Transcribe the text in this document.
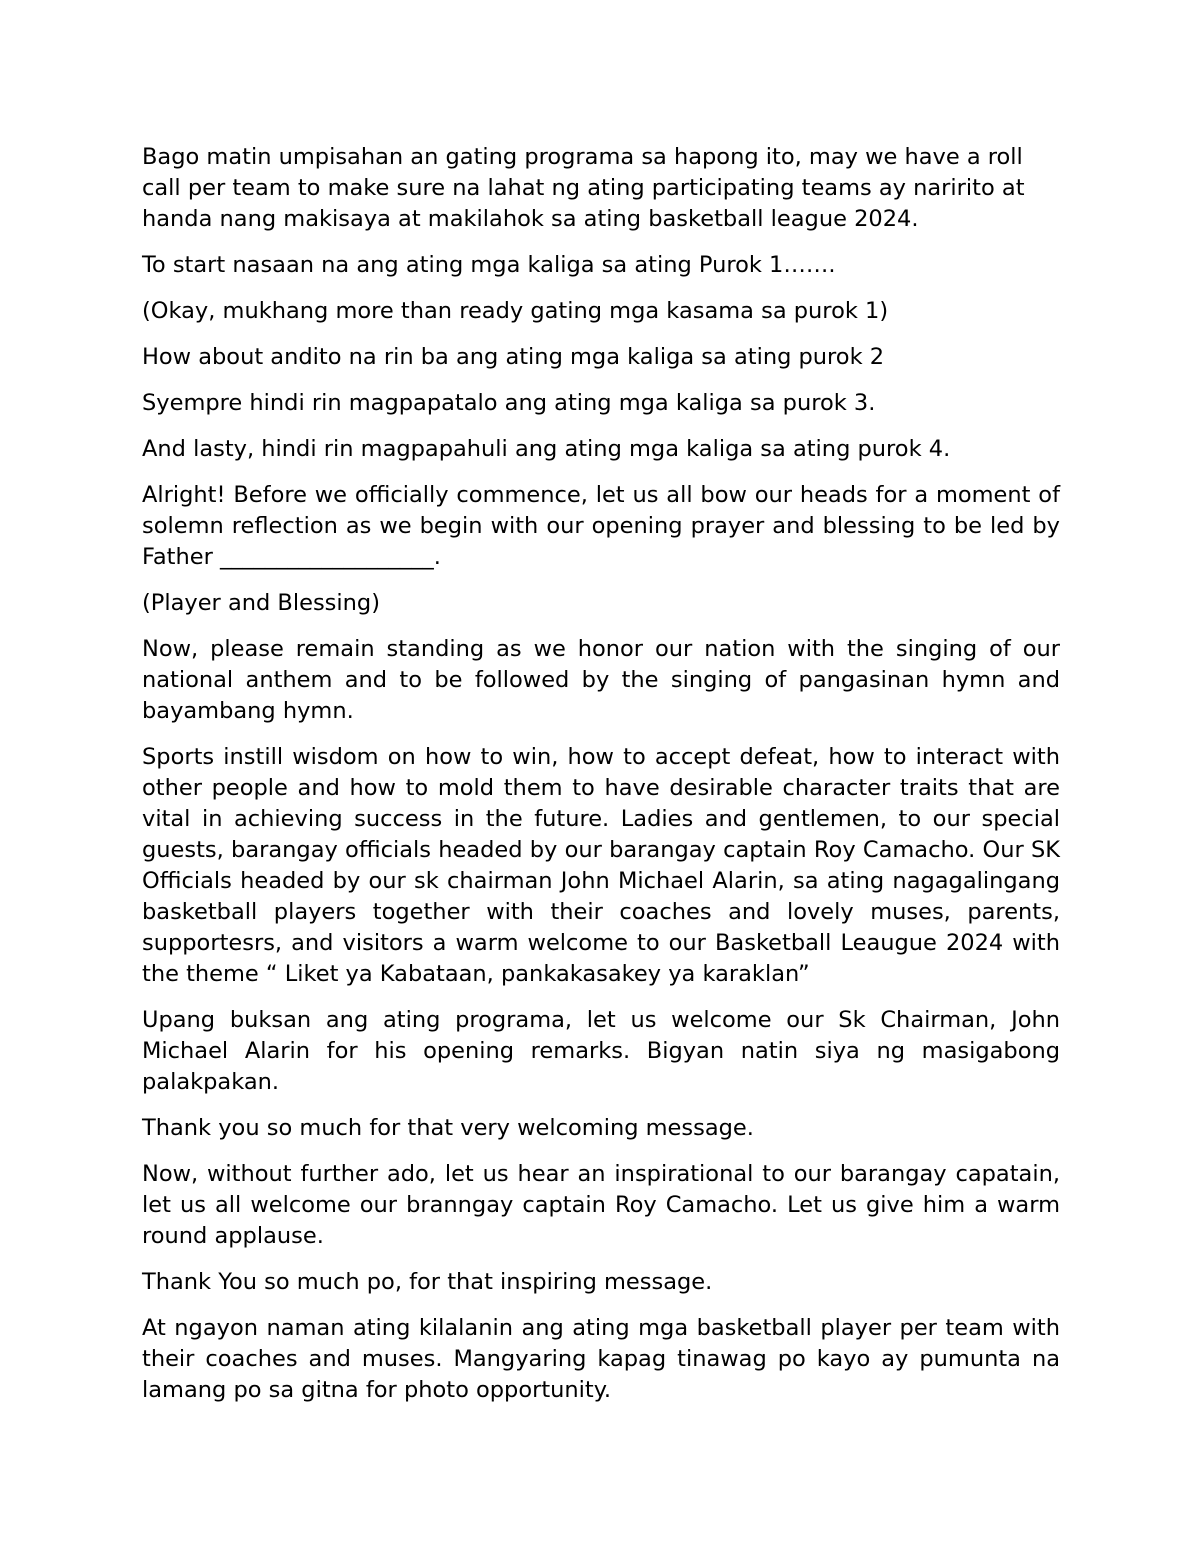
Bago matin umpisahan an gating programa sa hapong ito, may we have a roll call per team to make sure na lahat ng ating participating teams ay naririto at handa nang makisaya at makilahok sa ating basketball league 2024.

To start nasaan na ang ating mga kaliga sa ating Purok 1…….

(Okay, mukhang more than ready gating mga kasama sa purok 1)

How about andito na rin ba ang ating mga kaliga sa ating purok 2

Syempre hindi rin magpapatalo ang ating mga kaliga sa purok 3.

And lasty, hindi rin magpapahuli ang ating mga kaliga sa ating purok 4.

Alright! Before we officially commence, let us all bow our heads for a moment of solemn reflection as we begin with our opening prayer and blessing to be led by Father ___________________.

(Player and Blessing)

Now, please remain standing as we honor our nation with the singing of our national anthem and to be followed by the singing of pangasinan hymn and bayambang hymn.

Sports instill wisdom on how to win, how to accept defeat, how to interact with other people and how to mold them to have desirable character traits that are vital in achieving success in the future. Ladies and gentlemen, to our special guests, barangay officials headed by our barangay captain Roy Camacho. Our SK Officials headed by our sk chairman John Michael Alarin, sa ating nagagalingang basketball players together with their coaches and lovely muses, parents, supportesrs, and visitors a warm welcome to our Basketball Leaugue 2024 with the theme “ Liket ya Kabataan, pankakasakey ya karaklan”

Upang buksan ang ating programa, let us welcome our Sk Chairman, John Michael Alarin for his opening remarks. Bigyan natin siya ng masigabong palakpakan.

Thank you so much for that very welcoming message.

Now, without further ado, let us hear an inspirational to our barangay capatain, let us all welcome our branngay captain Roy Camacho. Let us give him a warm round applause.

Thank You so much po, for that inspiring message.

At ngayon naman ating kilalanin ang ating mga basketball player per team with their coaches and muses. Mangyaring kapag tinawag po kayo ay pumunta na lamang po sa gitna for photo opportunity.
